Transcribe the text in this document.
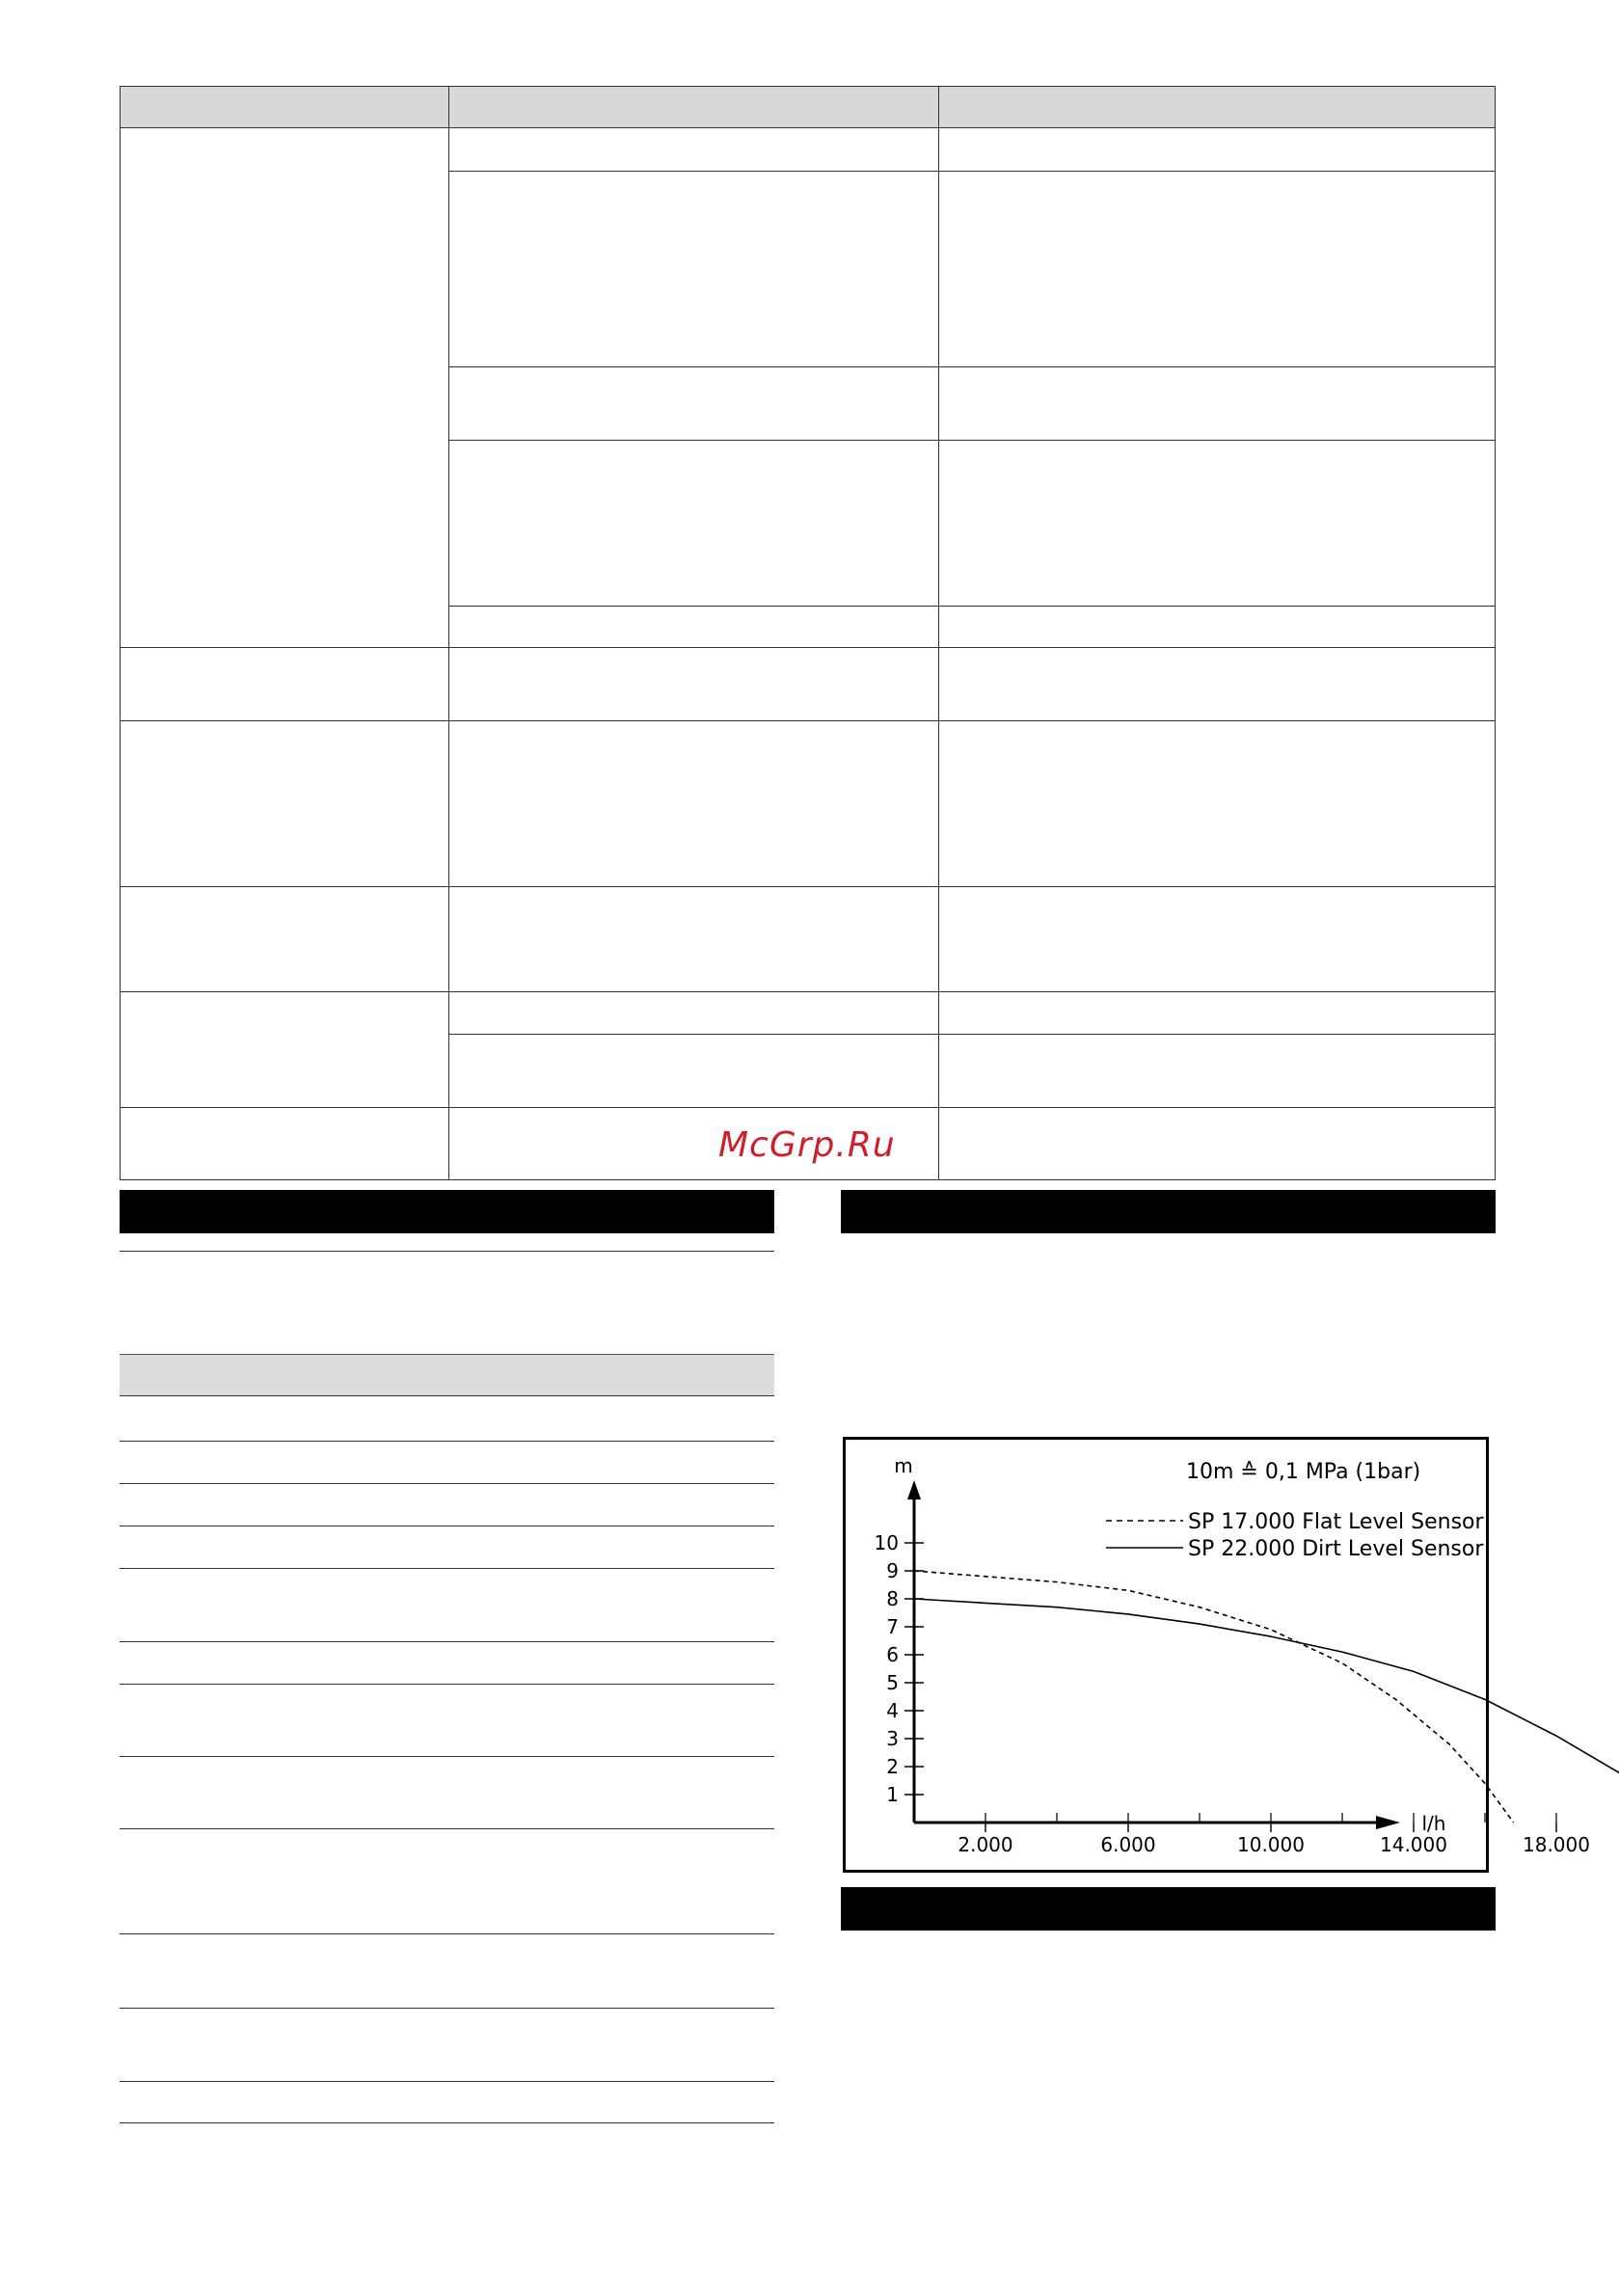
McGrp.Ru
1
2
3
4
5
6
7
8
9
10
2.000	6.000	10.000	14.000	18.000
m
l/h
10m ≙ 0,1 MPa (1bar)
SP 17.000 Flat Level Sensor
SP 22.000 Dirt Level Sensor
